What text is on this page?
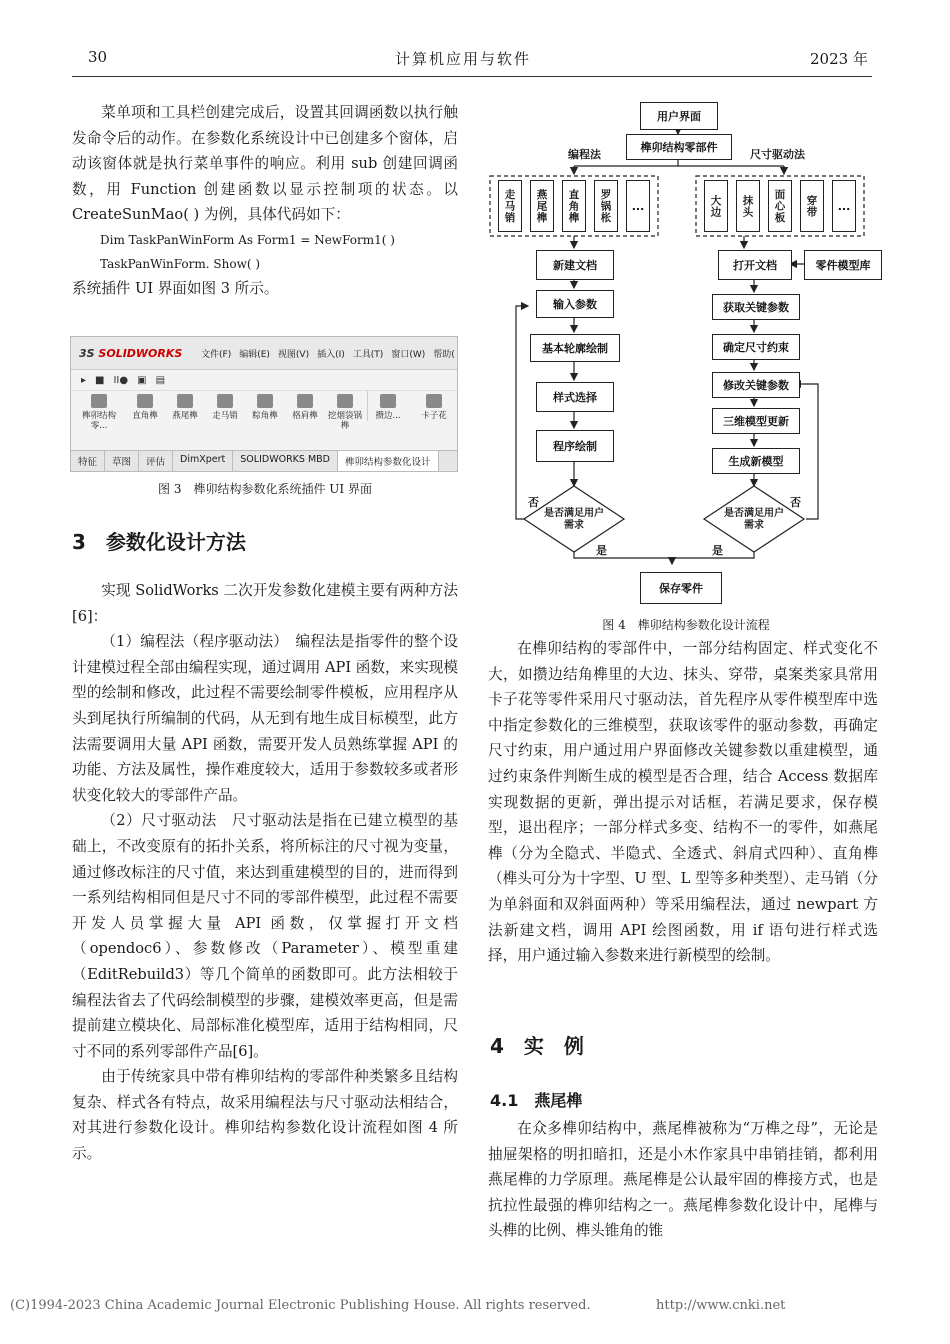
30	计算机应用与软件	2023 年

菜单项和工具栏创建完成后，设置其回调函数以执行触发命令后的动作。在参数化系统设计中已创建多个窗体，启动该窗体就是执行菜单事件的响应。利用 sub 创建回调函数，用 Function 创建函数以显示控制项的状态。以 CreateSunMao( ) 为例，具体代码如下：

Dim TaskPanWinForm As Form1 = NewForm1( )

TaskPanWinForm. Show( )

系统插件 UI 界面如图 3 所示。

3S SOLIDWORKS	文件(F) 编辑(E) 视图(V) 插入(I) 工具(T) 窗口(W) 帮助(
▸ ■ II● ▣ ▤
榫卯结构零...
直角榫 燕尾榫 走马销 粽角榫 格肩榫 挖烟袋锅榫
攒边... 卡子花
特征	草图	评估	DimXpert	SOLIDWORKS MBD	榫卯结构参数化设计
图 3　榫卯结构参数化系统插件 UI 界面
3　参数化设计方法

实现 SolidWorks 二次开发参数化建模主要有两种方法[6]：

（1）编程法（程序驱动法）　编程法是指零件的整个设计建模过程全部由编程实现，通过调用 API 函数，来实现模型的绘制和修改，此过程不需要绘制零件模板，应用程序从头到尾执行所编制的代码，从无到有地生成目标模型，此方法需要调用大量 API 函数，需要开发人员熟练掌握 API 的功能、方法及属性，操作难度较大，适用于参数较多或者形状变化较大的零部件产品。

（2）尺寸驱动法　尺寸驱动法是指在已建立模型的基础上，不改变原有的拓扑关系，将所标注的尺寸视为变量，通过修改标注的尺寸值，来达到重建模型的目的，进而得到一系列结构相同但是尺寸不同的零部件模型，此过程不需要开发人员掌握大量 API 函数，仅掌握打开文档（opendoc6）、参数修改（Parameter）、模型重建（EditRebuild3）等几个简单的函数即可。此方法相较于编程法省去了代码绘制模型的步骤，建模效率更高，但是需提前建立模块化、局部标准化模型库，适用于结构相同，尺寸不同的系列零部件产品[6]。

由于传统家具中带有榫卯结构的零部件种类繁多且结构复杂、样式各有特点，故采用编程法与尺寸驱动法相结合，对其进行参数化设计。榫卯结构参数化设计流程如图 4 所示。

用户界面
榫卯结构零部件
编程法	尺寸驱动法
走马销	燕尾榫	直角榫	罗锅枨	...	大边	抹头	面心板	穿带	...
新建文档
输入参数
基本轮廓绘制
样式选择
程序绘制
打开文档	零件模型库
获取关键参数
确定尺寸约束
修改关键参数
三维模型更新
生成新模型
是否满足用户需求
是否满足用户需求
否	否
是	是
保存零件
图 4　榫卯结构参数化设计流程

在榫卯结构的零部件中，一部分结构固定、样式变化不大，如攒边结角榫里的大边、抹头、穿带，桌案类家具常用卡子花等零件采用尺寸驱动法，首先程序从零件模型库中选中指定参数化的三维模型，获取该零件的驱动参数，再确定尺寸约束，用户通过用户界面修改关键参数以重建模型，通过约束条件判断生成的模型是否合理，结合 Access 数据库实现数据的更新，弹出提示对话框，若满足要求，保存模型，退出程序；一部分样式多变、结构不一的零件，如燕尾榫（分为全隐式、半隐式、全透式、斜肩式四种）、直角榫（榫头可分为十字型、U 型、L 型等多种类型）、走马销（分为单斜面和双斜面两种）等采用编程法，通过 newpart 方法新建文档，调用 API 绘图函数，用 if 语句进行样式选择，用户通过输入参数来进行新模型的绘制。

4　实　例
4.1　燕尾榫

在众多榫卯结构中，燕尾榫被称为“万榫之母”，无论是抽屉架格的明扣暗扣，还是小木作家具中串销挂销，都利用燕尾榫的力学原理。燕尾榫是公认最牢固的榫接方式，也是抗拉性最强的榫卯结构之一。燕尾榫参数化设计中，尾榫与头榫的比例、榫头锥角的锥

(C)1994-2023 China Academic Journal Electronic Publishing House. All rights reserved.	http://www.cnki.net
